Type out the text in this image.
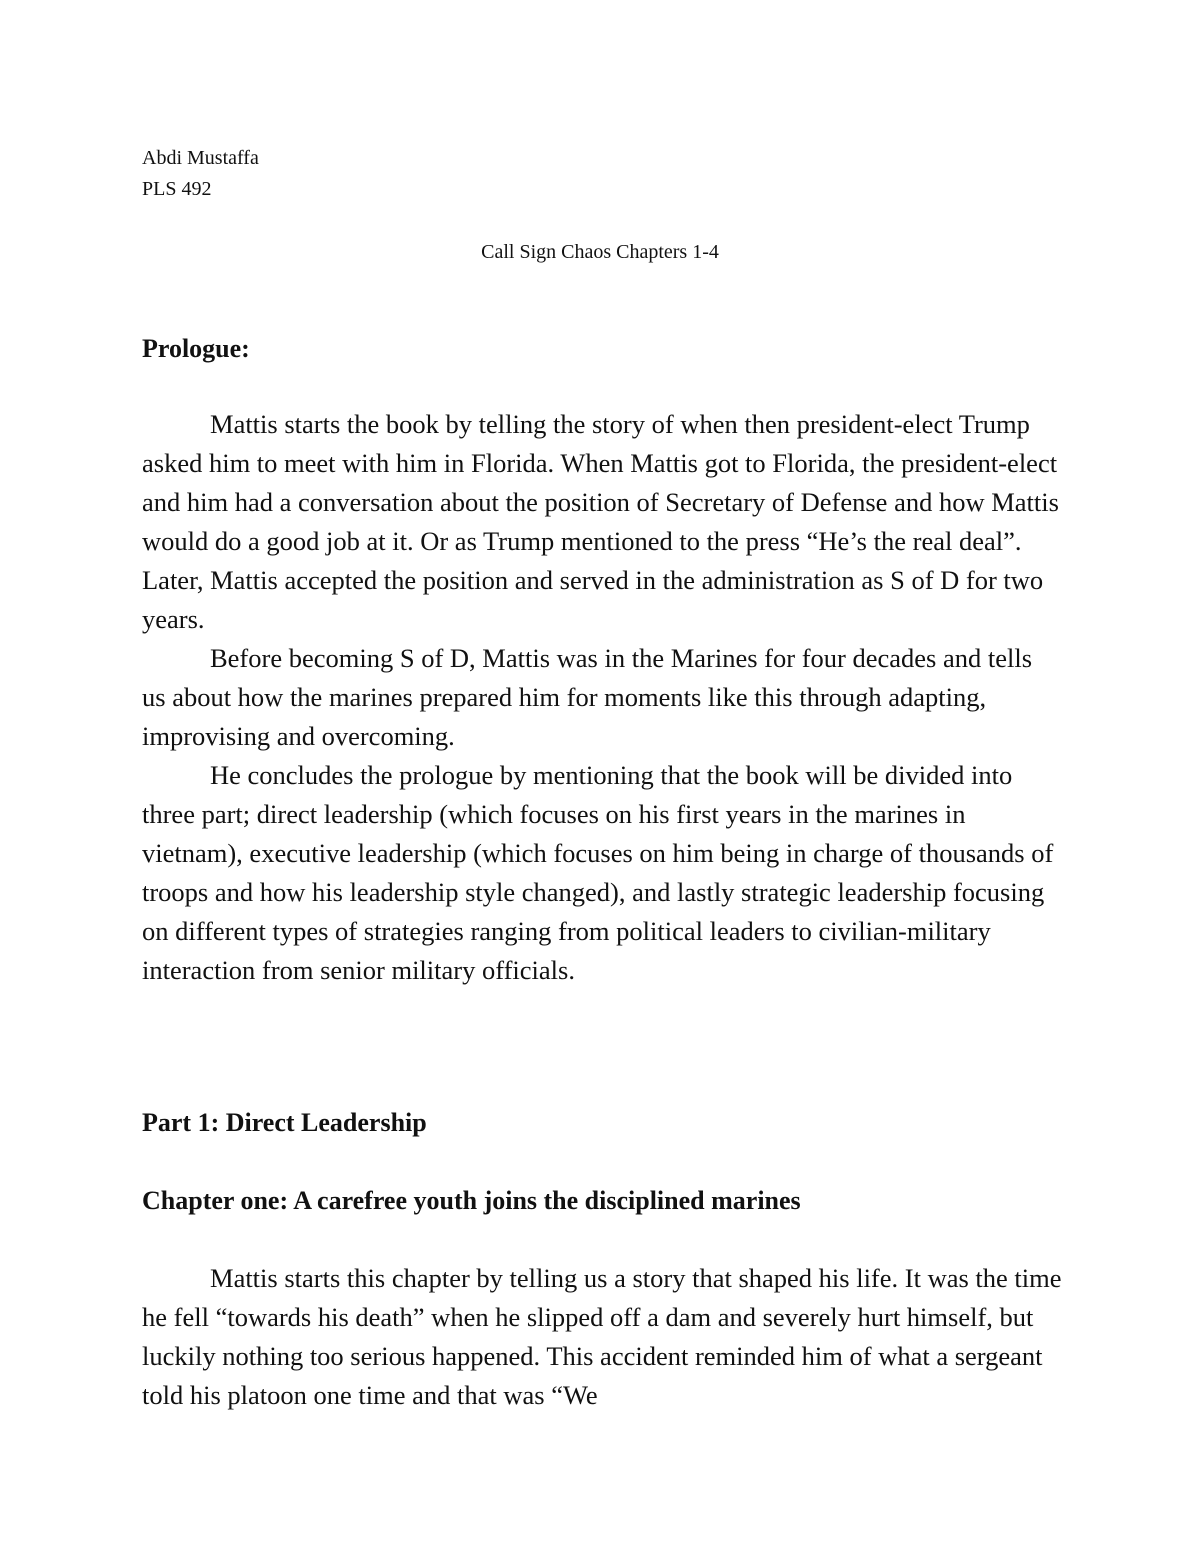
Abdi Mustaffa
PLS 492
Call Sign Chaos Chapters 1-4
Prologue:

Mattis starts the book by telling the story of when then president-elect Trump asked him to meet with him in Florida. When Mattis got to Florida, the president-elect and him had a conversation about the position of Secretary of Defense and how Mattis would do a good job at it. Or as Trump mentioned to the press “He’s the real deal”. Later, Mattis accepted the position and served in the administration as S of D for two years.

Before becoming S of D, Mattis was in the Marines for four decades and tells us about how the marines prepared him for moments like this through adapting, improvising and overcoming.

He concludes the prologue by mentioning that the book will be divided into three part; direct leadership (which focuses on his first years in the marines in vietnam), executive leadership (which focuses on him being in charge of thousands of troops and how his leadership style changed), and lastly strategic leadership focusing on different types of strategies ranging from political leaders to civilian-military interaction from senior military officials.

Part 1: Direct Leadership
Chapter one: A carefree youth joins the disciplined marines

Mattis starts this chapter by telling us a story that shaped his life. It was the time he fell “towards his death” when he slipped off a dam and severely hurt himself, but luckily nothing too serious happened. This accident reminded him of what a sergeant told his platoon one time and that was “We
